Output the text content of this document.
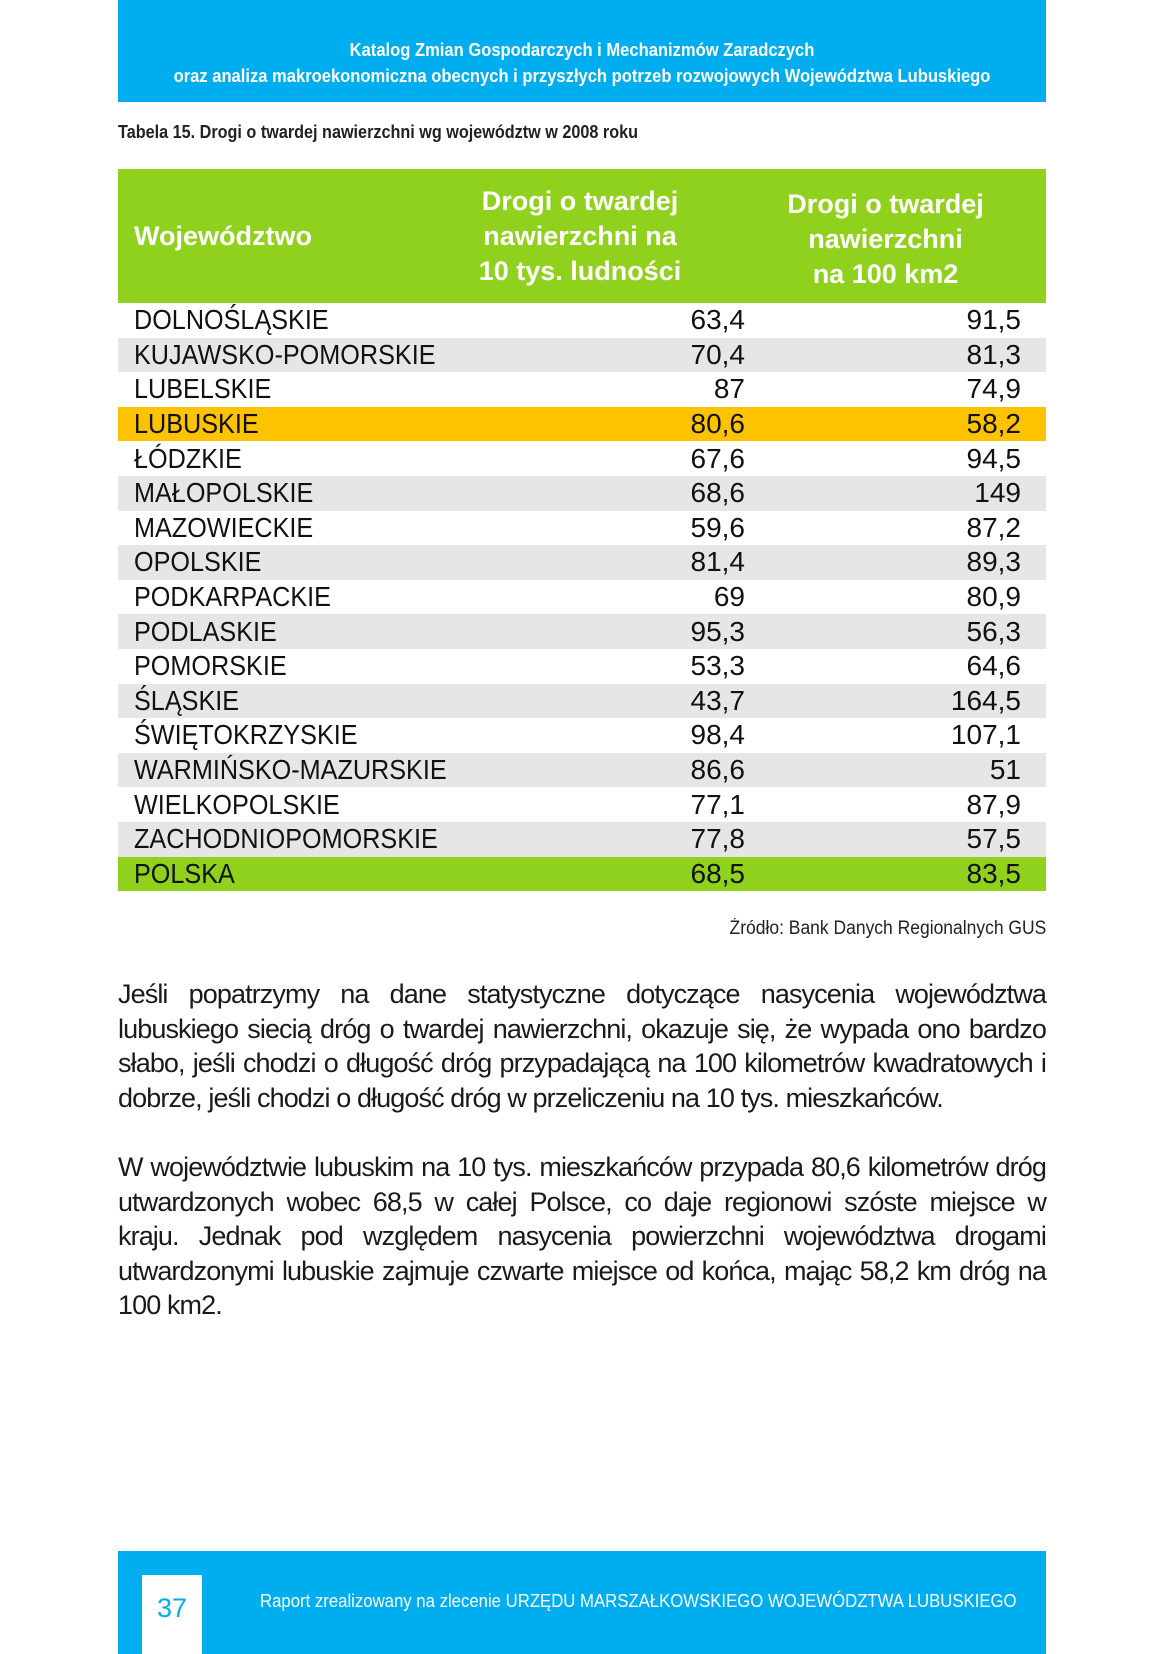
Katalog Zmian Gospodarczych i Mechanizmów Zaradczych
oraz analiza makroekonomiczna obecnych i przyszłych potrzeb rozwojowych Województwa Lubuskiego
Tabela 15. Drogi o twardej nawierzchni wg województw w 2008 roku
Województwo
Drogi o twardej
nawierzchni na
10 tys. ludności
Drogi o twardej
nawierzchni
na 100 km2
DOLNOŚLĄSKIE	63,4	91,5
KUJAWSKO-POMORSKIE	70,4	81,3
LUBELSKIE	87	74,9
LUBUSKIE	80,6	58,2
ŁÓDZKIE	67,6	94,5
MAŁOPOLSKIE	68,6	149
MAZOWIECKIE	59,6	87,2
OPOLSKIE	81,4	89,3
PODKARPACKIE	69	80,9
PODLASKIE	95,3	56,3
POMORSKIE	53,3	64,6
ŚLĄSKIE	43,7	164,5
ŚWIĘTOKRZYSKIE	98,4	107,1
WARMIŃSKO-MAZURSKIE	86,6	51
WIELKOPOLSKIE	77,1	87,9
ZACHODNIOPOMORSKIE	77,8	57,5
POLSKA	68,5	83,5
Źródło: Bank Danych Regionalnych GUS
Jeśli popatrzymy na dane statystyczne dotyczące nasycenia województwa lubuskiego siecią dróg o twardej nawierzchni, okazuje się, że wypada ono bardzo słabo, jeśli chodzi o długość dróg przypadającą na 100 kilometrów kwadratowych i dobrze, jeśli chodzi o długość dróg w przeliczeniu na 10 tys. mieszkańców.
W województwie lubuskim na 10 tys. mieszkańców przypada 80,6 kilometrów dróg utwardzonych wobec 68,5 w całej Polsce, co daje regionowi szóste miejsce w kraju. Jednak pod względem nasycenia powierzchni województwa drogami utwardzonymi lubuskie zajmuje czwarte miejsce od końca, mając 58,2 km dróg na 100 km2.
37	Raport zrealizowany na zlecenie URZĘDU MARSZAŁKOWSKIEGO WOJEWÓDZTWA LUBUSKIEGO
